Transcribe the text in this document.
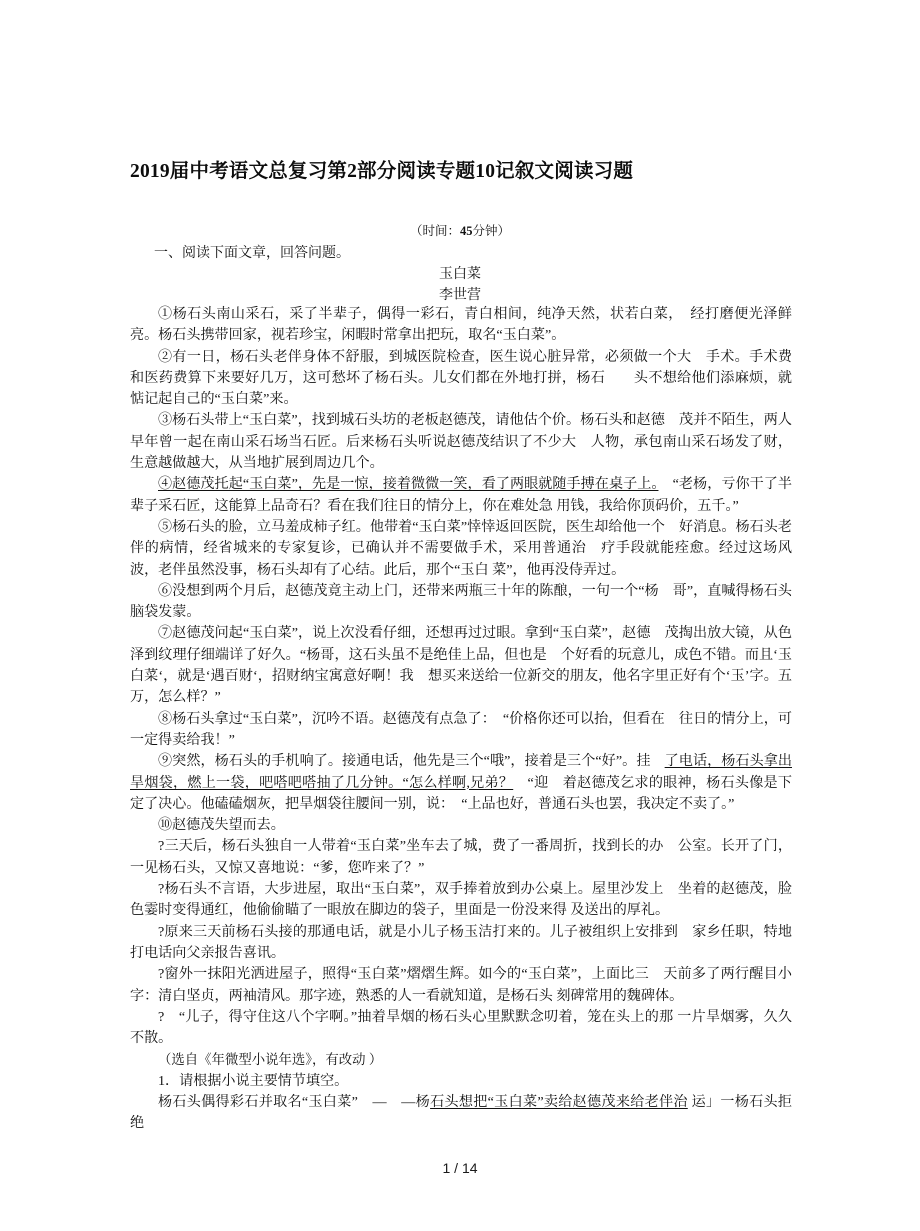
2019届中考语文总复习第2部分阅读专题10记叙文阅读习题
（时间：45分钟）
一、阅读下面文章，回答问题。
玉白菜
李世营

①杨石头南山采石，采了半辈子，偶得一彩石，青白相间，纯净天然，状若白菜，　经打磨便光泽鲜亮。杨石头携带回家，视若珍宝，闲暇时常拿出把玩，取名“玉白菜”。

②有一日，杨石头老伴身体不舒服，到城医院检查，医生说心脏异常，必须做一个大　手术。手术费和医药费算下来要好几万，这可愁坏了杨石头。儿女们都在外地打拼，杨石　　头不想给他们添麻烦，就惦记起自己的“玉白菜”来。

③杨石头带上“玉白菜”，找到城石头坊的老板赵德茂，请他估个价。杨石头和赵德　茂并不陌生，两人早年曾一起在南山采石场当石匠。后来杨石头听说赵德茂结识了不少大　人物，承包南山采石场发了财，生意越做越大，从当地扩展到周边几个。

④赵德茂托起“玉白菜”，先是一惊，接着微微一笑，看了两眼就随手搏在桌子上。　“老杨，亏你干了半辈子采石匠，这能算上品奇石？看在我们往日的情分上，你在难处急 用钱，我给你顶码价，五千。”

⑤杨石头的脸，立马羞成柿子红。他带着“玉白菜”悻悻返回医院，医生却给他一个　好消息。杨石头老伴的病情，经省城来的专家复诊，已确认并不需要做手术，采用普通治　疗手段就能痊愈。经过这场风波，老伴虽然没事，杨石头却有了心结。此后，那个“玉白 菜”，他再没侍弄过。

⑥没想到两个月后，赵德茂竟主动上门，还带来两瓶三十年的陈酿，一句一个“杨　哥”，直喊得杨石头脑袋发蒙。

⑦赵德茂问起“玉白菜”，说上次没看仔细，还想再过过眼。拿到“玉白菜”，赵德　茂掏出放大镜，从色泽到纹理仔细端详了好久。“杨哥，这石头虽不是绝佳上品，但也是　个好看的玩意儿，成色不错。而且‘玉白菜‘，就是‘遇百财‘，招财纳宝寓意好啊！我　想买来送给一位新交的朋友，他名字里正好有个‘玉’字。五万，怎么样？”

⑧杨石头拿过“玉白菜”，沉吟不语。赵德茂有点急了：　“价格你还可以抬，但看在　往日的情分上，可一定得卖给我！”

⑨突然，杨石头的手机响了。接通电话，他先是三个“哦”，接着是三个“好”。挂　了电话，杨石头拿出旱烟袋，燃上一袋，吧嗒吧嗒抽了几分钟。“怎么样啊,兄弟？　“迎　着赵德茂乞求的眼神，杨石头像是下定了决心。他磕磕烟灰，把旱烟袋往腰间一别，说：　“上品也好，普通石头也罢，我决定不卖了。”

⑩赵德茂失望而去。

?三天后，杨石头独自一人带着“玉白菜”坐车去了城，费了一番周折，找到长的办　公室。长开了门，一见杨石头，又惊又喜地说：“爹，您咋来了？”

?杨石头不言语，大步进屋，取出“玉白菜”，双手捧着放到办公桌上。屋里沙发上　坐着的赵德茂，脸色霎时变得通红，他偷偷瞄了一眼放在脚边的袋子，里面是一份没来得 及送出的厚礼。

?原来三天前杨石头接的那通电话，就是小儿子杨玉洁打来的。儿子被组织上安排到　家乡任职，特地打电话向父亲报告喜讯。

?窗外一抹阳光洒进屋子，照得“玉白菜”熠熠生辉。如今的“玉白菜”，上面比三　天前多了两行醒目小字：清白坚贞，两袖清风。那字迹，熟悉的人一看就知道，是杨石头 刻碑常用的魏碑体。

?　“儿子，得守住这八个字啊。”抽着旱烟的杨石头心里默默念叨着，笼在头上的那 一片旱烟雾，久久不散。

（选自《年微型小说年选》，有改动 ）

1．请根据小说主要情节填空。

杨石头偶得彩石并取名“玉白菜”　—　—杨石头想把“玉白菜”卖给赵德茂来给老伴治 运」一杨石头拒绝

1 / 14
